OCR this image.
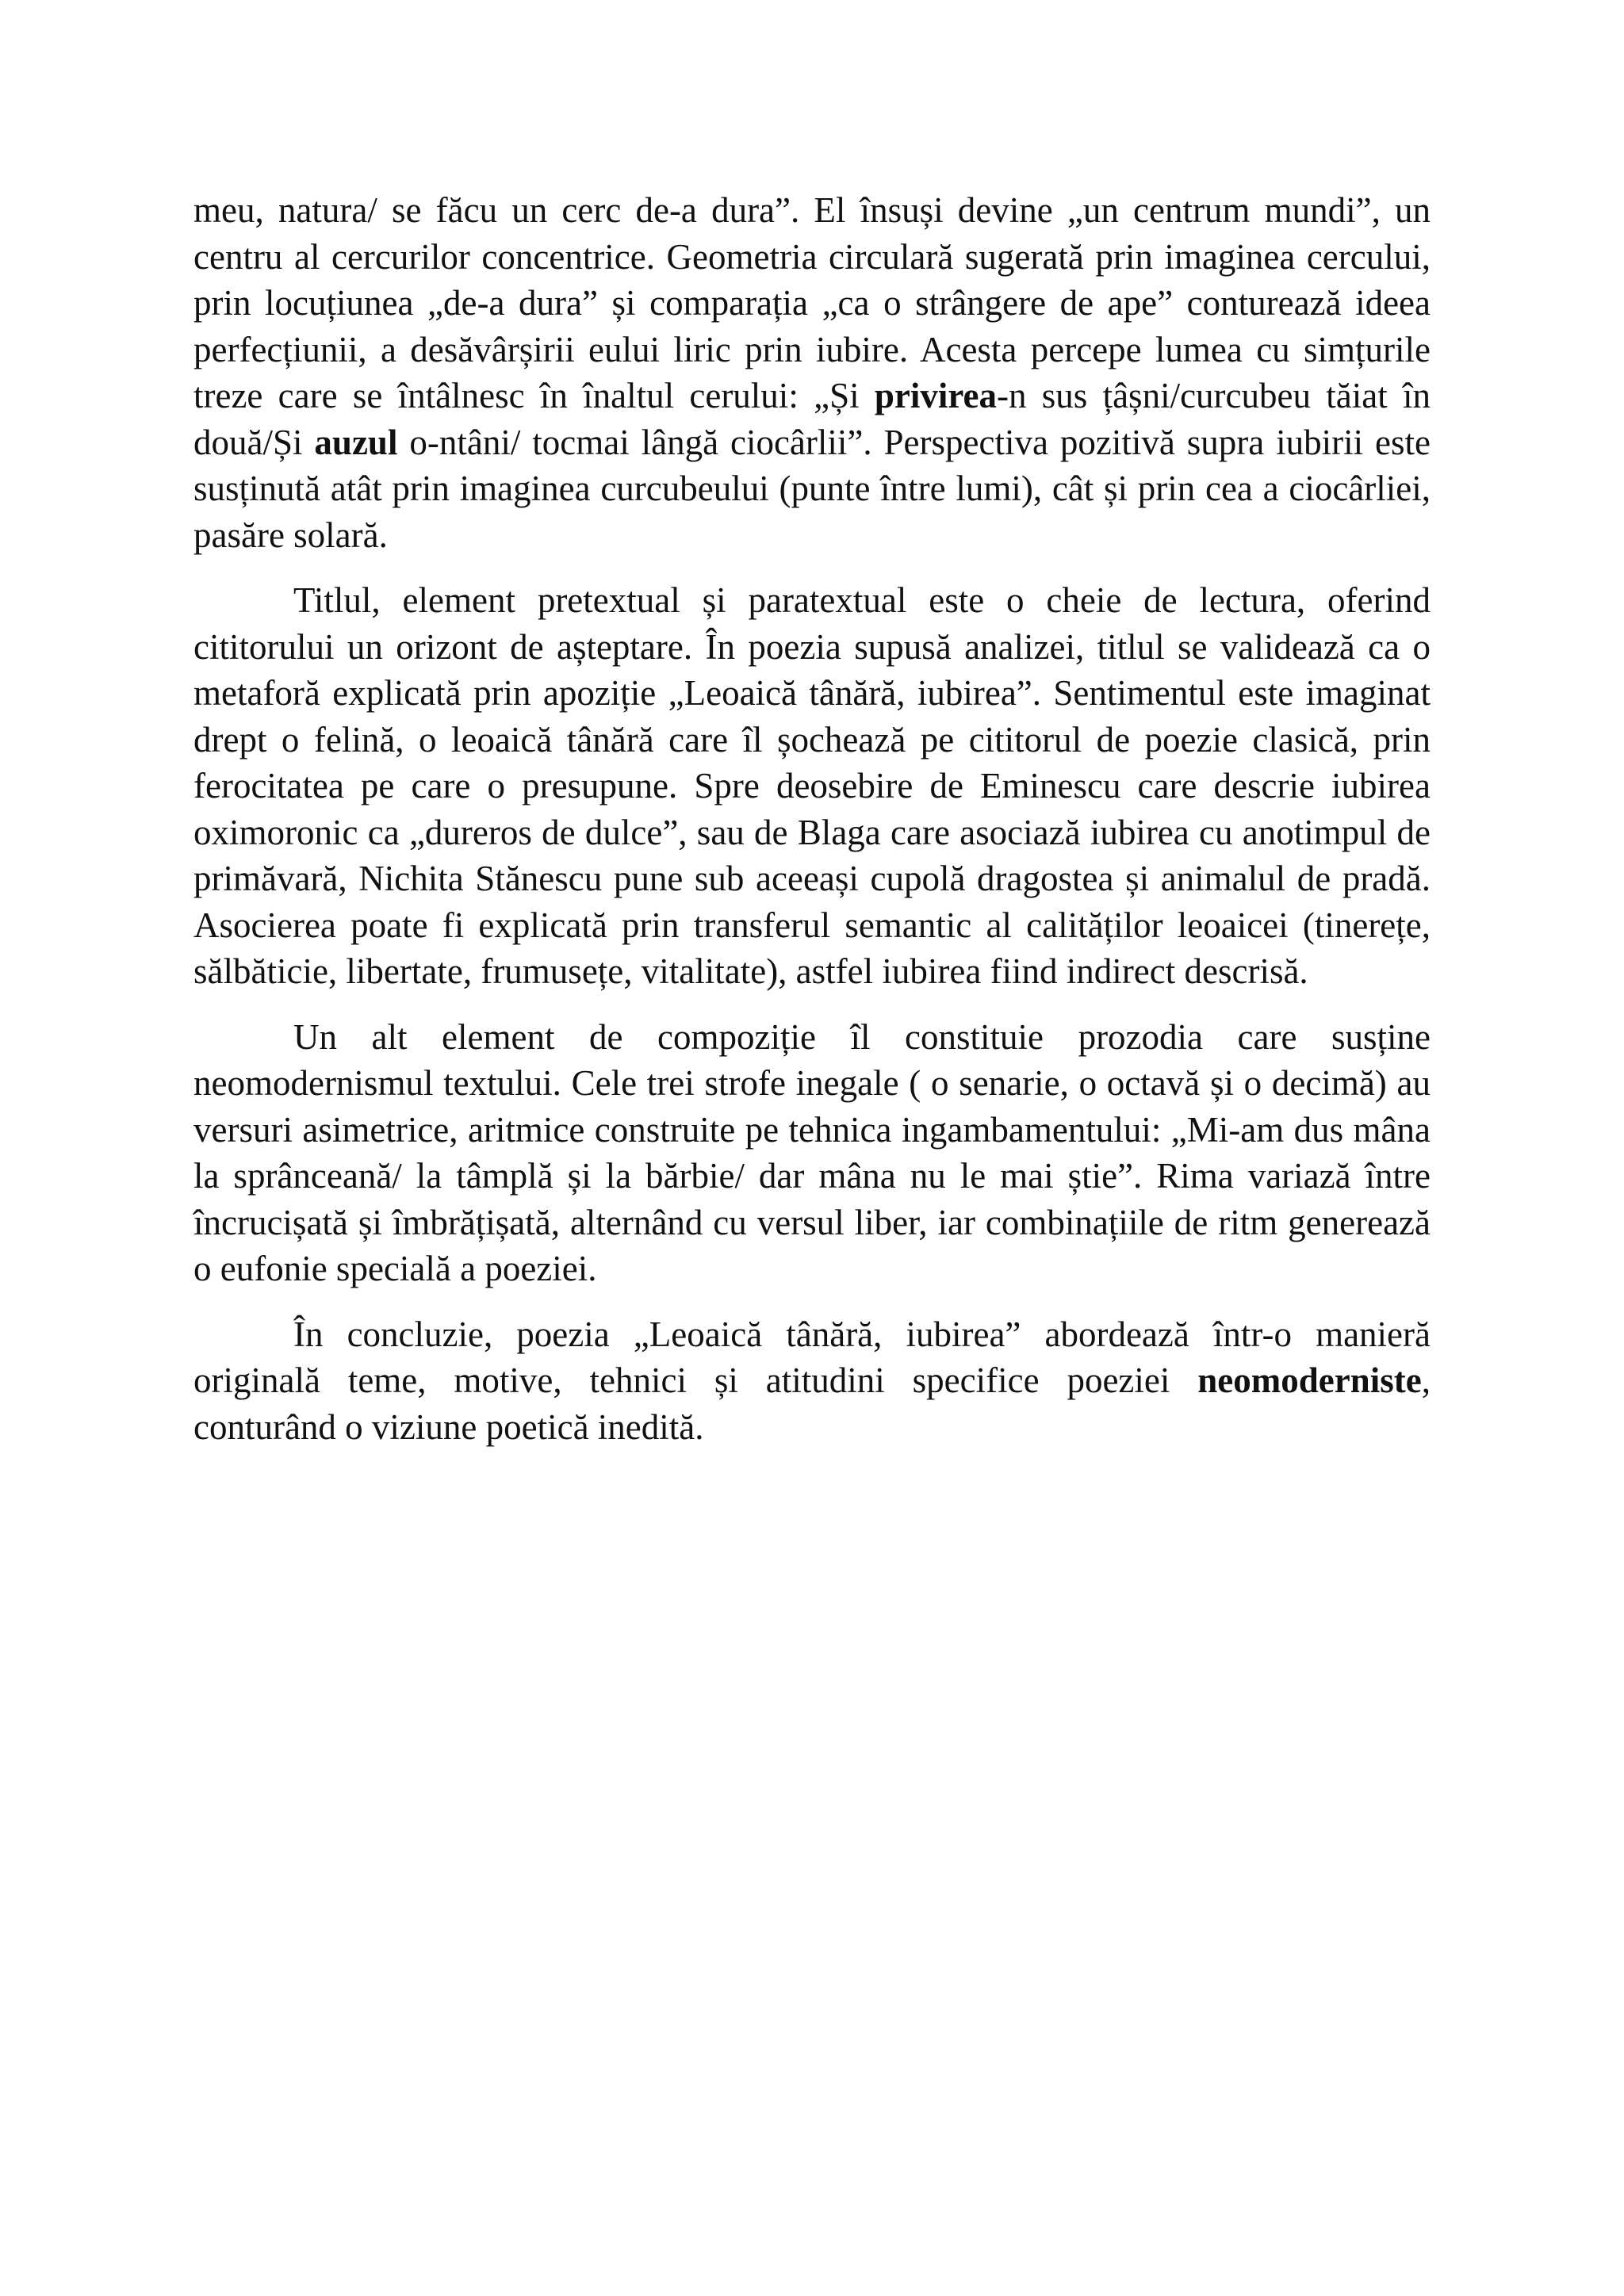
meu, natura/ se făcu un cerc de-a dura”. El însuși devine „un centrum mundi”, un centru al cercurilor concentrice. Geometria circulară sugerată prin imaginea cercului, prin locuțiunea „de-a dura” și comparația „ca o strângere de ape” conturează ideea perfecțiunii, a desăvârșirii eului liric prin iubire. Acesta percepe lumea cu simțurile treze care se întâlnesc în înaltul cerului: „Și privirea-n sus țâșni/curcubeu tăiat în două/Și auzul o-ntâni/ tocmai lângă ciocârlii”. Perspectiva pozitivă supra iubirii este susținută atât prin imaginea curcubeului (punte între lumi), cât și prin cea a ciocârliei, pasăre solară.

Titlul, element pretextual și paratextual este o cheie de lectura, oferind cititorului un orizont de așteptare. În poezia supusă analizei, titlul se validează ca o metaforă explicată prin apoziție „Leoaică tânără, iubirea”. Sentimentul este imaginat drept o felină, o leoaică tânără care îl șochează pe cititorul de poezie clasică, prin ferocitatea pe care o presupune. Spre deosebire de Eminescu care descrie iubirea oximoronic ca „dureros de dulce”, sau de Blaga care asociază iubirea cu anotimpul de primăvară, Nichita Stănescu pune sub aceeași cupolă dragostea și animalul de pradă. Asocierea poate fi explicată prin transferul semantic al calităților leoaicei (tinerețe, sălbăticie, libertate, frumusețe, vitalitate), astfel iubirea fiind indirect descrisă.

Un alt element de compoziție îl constituie prozodia care susține neomodernismul textului. Cele trei strofe inegale ( o senarie, o octavă și o decimă) au versuri asimetrice, aritmice construite pe tehnica ingambamentului: „Mi-am dus mâna la sprânceană/ la tâmplă și la bărbie/ dar mâna nu le mai știe”. Rima variază între încrucișată și îmbrățișată, alternând cu versul liber, iar combinațiile de ritm generează o eufonie specială a poeziei.

În concluzie, poezia „Leoaică tânără, iubirea” abordează într-o manieră originală teme, motive, tehnici și atitudini specifice poeziei neomoderniste, conturând o viziune poetică inedită.
